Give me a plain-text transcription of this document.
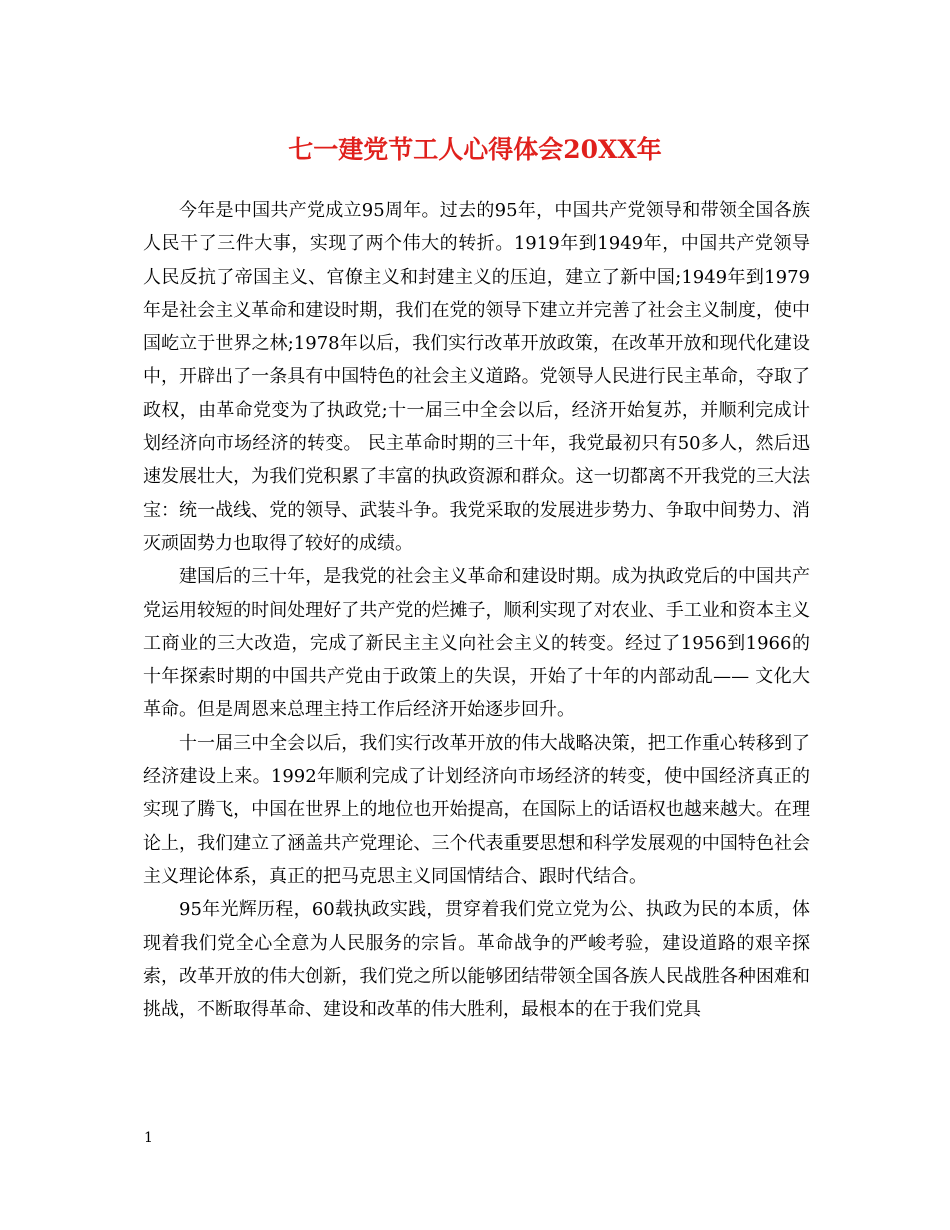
七一建党节工人心得体会20XX年

今年是中国共产党成立95周年。过去的95年，中国共产党领导和带领全国各族人民干了三件大事，实现了两个伟大的转折。1919年到1949年，中国共产党领导人民反抗了帝国主义、官僚主义和封建主义的压迫，建立了新中国;1949年到1979年是社会主义革命和建设时期，我们在党的领导下建立并完善了社会主义制度，使中国屹立于世界之林;1978年以后，我们实行改革开放政策，在改革开放和现代化建设中，开辟出了一条具有中国特色的社会主义道路。党领导人民进行民主革命，夺取了政权，由革命党变为了执政党;十一届三中全会以后，经济开始复苏，并顺利完成计划经济向市场经济的转变。 民主革命时期的三十年，我党最初只有50多人，然后迅速发展壮大，为我们党积累了丰富的执政资源和群众。这一切都离不开我党的三大法宝：统一战线、党的领导、武装斗争。我党采取的发展进步势力、争取中间势力、消灭顽固势力也取得了较好的成绩。

建国后的三十年，是我党的社会主义革命和建设时期。成为执政党后的中国共产党运用较短的时间处理好了共产党的烂摊子，顺利实现了对农业、手工业和资本主义工商业的三大改造，完成了新民主主义向社会主义的转变。经过了1956到1966的十年探索时期的中国共产党由于政策上的失误，开始了十年的内部动乱—— 文化大革命。但是周恩来总理主持工作后经济开始逐步回升。

十一届三中全会以后，我们实行改革开放的伟大战略决策，把工作重心转移到了经济建设上来。1992年顺利完成了计划经济向市场经济的转变，使中国经济真正的实现了腾飞，中国在世界上的地位也开始提高，在国际上的话语权也越来越大。在理论上，我们建立了涵盖共产党理论、三个代表重要思想和科学发展观的中国特色社会主义理论体系，真正的把马克思主义同国情结合、跟时代结合。

95年光辉历程，60载执政实践，贯穿着我们党立党为公、执政为民的本质，体现着我们党全心全意为人民服务的宗旨。革命战争的严峻考验，建设道路的艰辛探索，改革开放的伟大创新，我们党之所以能够团结带领全国各族人民战胜各种困难和挑战，不断取得革命、建设和改革的伟大胜利，最根本的在于我们党具

1
